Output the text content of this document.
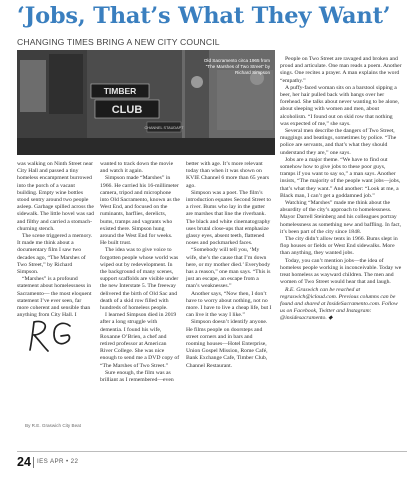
‘Jobs, That’s What They Want’

CHANGING TIMES BRING A NEW CITY COUNCIL

TIMBER
CLUB
CHANNEL STAUDAPT

Old Sacramento circa 1965 from “The Marshes of Two Street” by Richard Simpson

was walking on Ninth Street near City Hall and passed a tiny homeless encampment burrowed into the porch of a vacant building. Empty wine bottles stood sentry around two people asleep. Garbage spilled across the sidewalk. The little hovel was sad and filthy and carried a stomach-churning stench.

The scene triggered a memory. It made me think about a documentary film I saw two decades ago, “The Marshes of Two Street,” by Richard Simpson.

“Marshes” is a profound statement about homelessness in Sacramento— the most eloquent statement I’ve ever seen, far more coherent and sensible than anything from City Hall. I

wanted to track down the movie and watch it again.

Simpson made “Marshes” in 1966. He carried his 16-millimeter camera, tripod and microphone into Old Sacramento, known as the West End, and focused on the ruminants, barflies, derelicts, bums, tramps and vagrants who existed there. Simpson hung around the West End for weeks. He built trust.

The idea was to give voice to forgotten people whose world was wiped out by redevelopment. In the background of many scenes, support scaffolds are visible under the new Interstate 5. The freeway delivered the birth of Old Sac and death of a skid row filled with hundreds of homeless people.

I learned Simpson died in 2019 after a long struggle with dementia. I found his wife, Roxanne O’Brien, a chef and retired professor at American River College. She was nice enough to send me a DVD copy of “The Marshes of Two Street.”

Sure enough, the film was as brilliant as I remembered—even

better with age. It’s more relevant today than when it was shown on KVIE Channel 6 more than 65 years ago.

Simpson was a poet. The film’s introduction equates Second Street to a river. Bums who lay in the gutter are marshes that line the riverbank. The black and white cinematography uses brutal close-ups that emphasize glassy eyes, absent teeth, flattened noses and pockmarked faces.

“Somebody will tell you, ‘My wife, she’s the cause that I’m down here, or my mother died.’ Everybody has a reason,” one man says. “This is just an escape, an escape from a man’s weaknesses.”

Another says, “Now then, I don’t have to worry about nothing, not no more. I have to live a cheap life, but I can live it the way I like.”

Simpson doesn’t identify anyone. He films people on doorsteps and street corners and in bars and rooming houses—Hotel Enterprise, Union Gospel Mission, Rome Café, Bank Exchange Cafe, Timber Club, Channel Restaurant.

People on Two Street are ravaged and broken and proud and articulate. One man reads a poem. Another sings. One recites a prayer. A man explains the word “empathy.”

A puffy-faced woman sits on a barstool sipping a beer, her hair pulled back with bangs over her forehead. She talks about never wanting to be alone, about sleeping with women and men, about alcoholism. “I found out on skid row that nothing was expected of me,” she says.

Several men describe the dangers of Two Street, muggings and beatings, sometimes by police. “The police are servants, and that’s what they should understand they are,” one says.

Jobs are a major theme. “We have to find out somehow how to give jobs to these poor guys, tramps if you want to say so,” a man says. Another insists, “The majority of the people want jobs—jobs, that’s what they want.” And another: “Look at me, a Black man, I can’t get a goddamned job.”

Watching “Marshes” made me think about the absurdity of the city’s approach to homelessness. Mayor Darrell Steinberg and his colleagues portray homelessness as something new and baffling. In fact, it’s been part of the city since 1848.

The city didn’t allow tents in 1966. Bums slept in flop houses or fields or West End sidewalks. More than anything, they wanted jobs.

Today, you can’t mention jobs—the idea of homeless people working is inconceivable. Today we treat homeless as wayward children. The men and women of Two Street would hear that and laugh.

R.E. Graswich can be reached at regraswich@icloud.com. Previous columns can be found and shared at InsideSacramento.com. Follow us on Facebook, Twitter and Instagram: @insidesacramento. ◆

By R.E. Graswich City Beat

24 IES APR • 22
